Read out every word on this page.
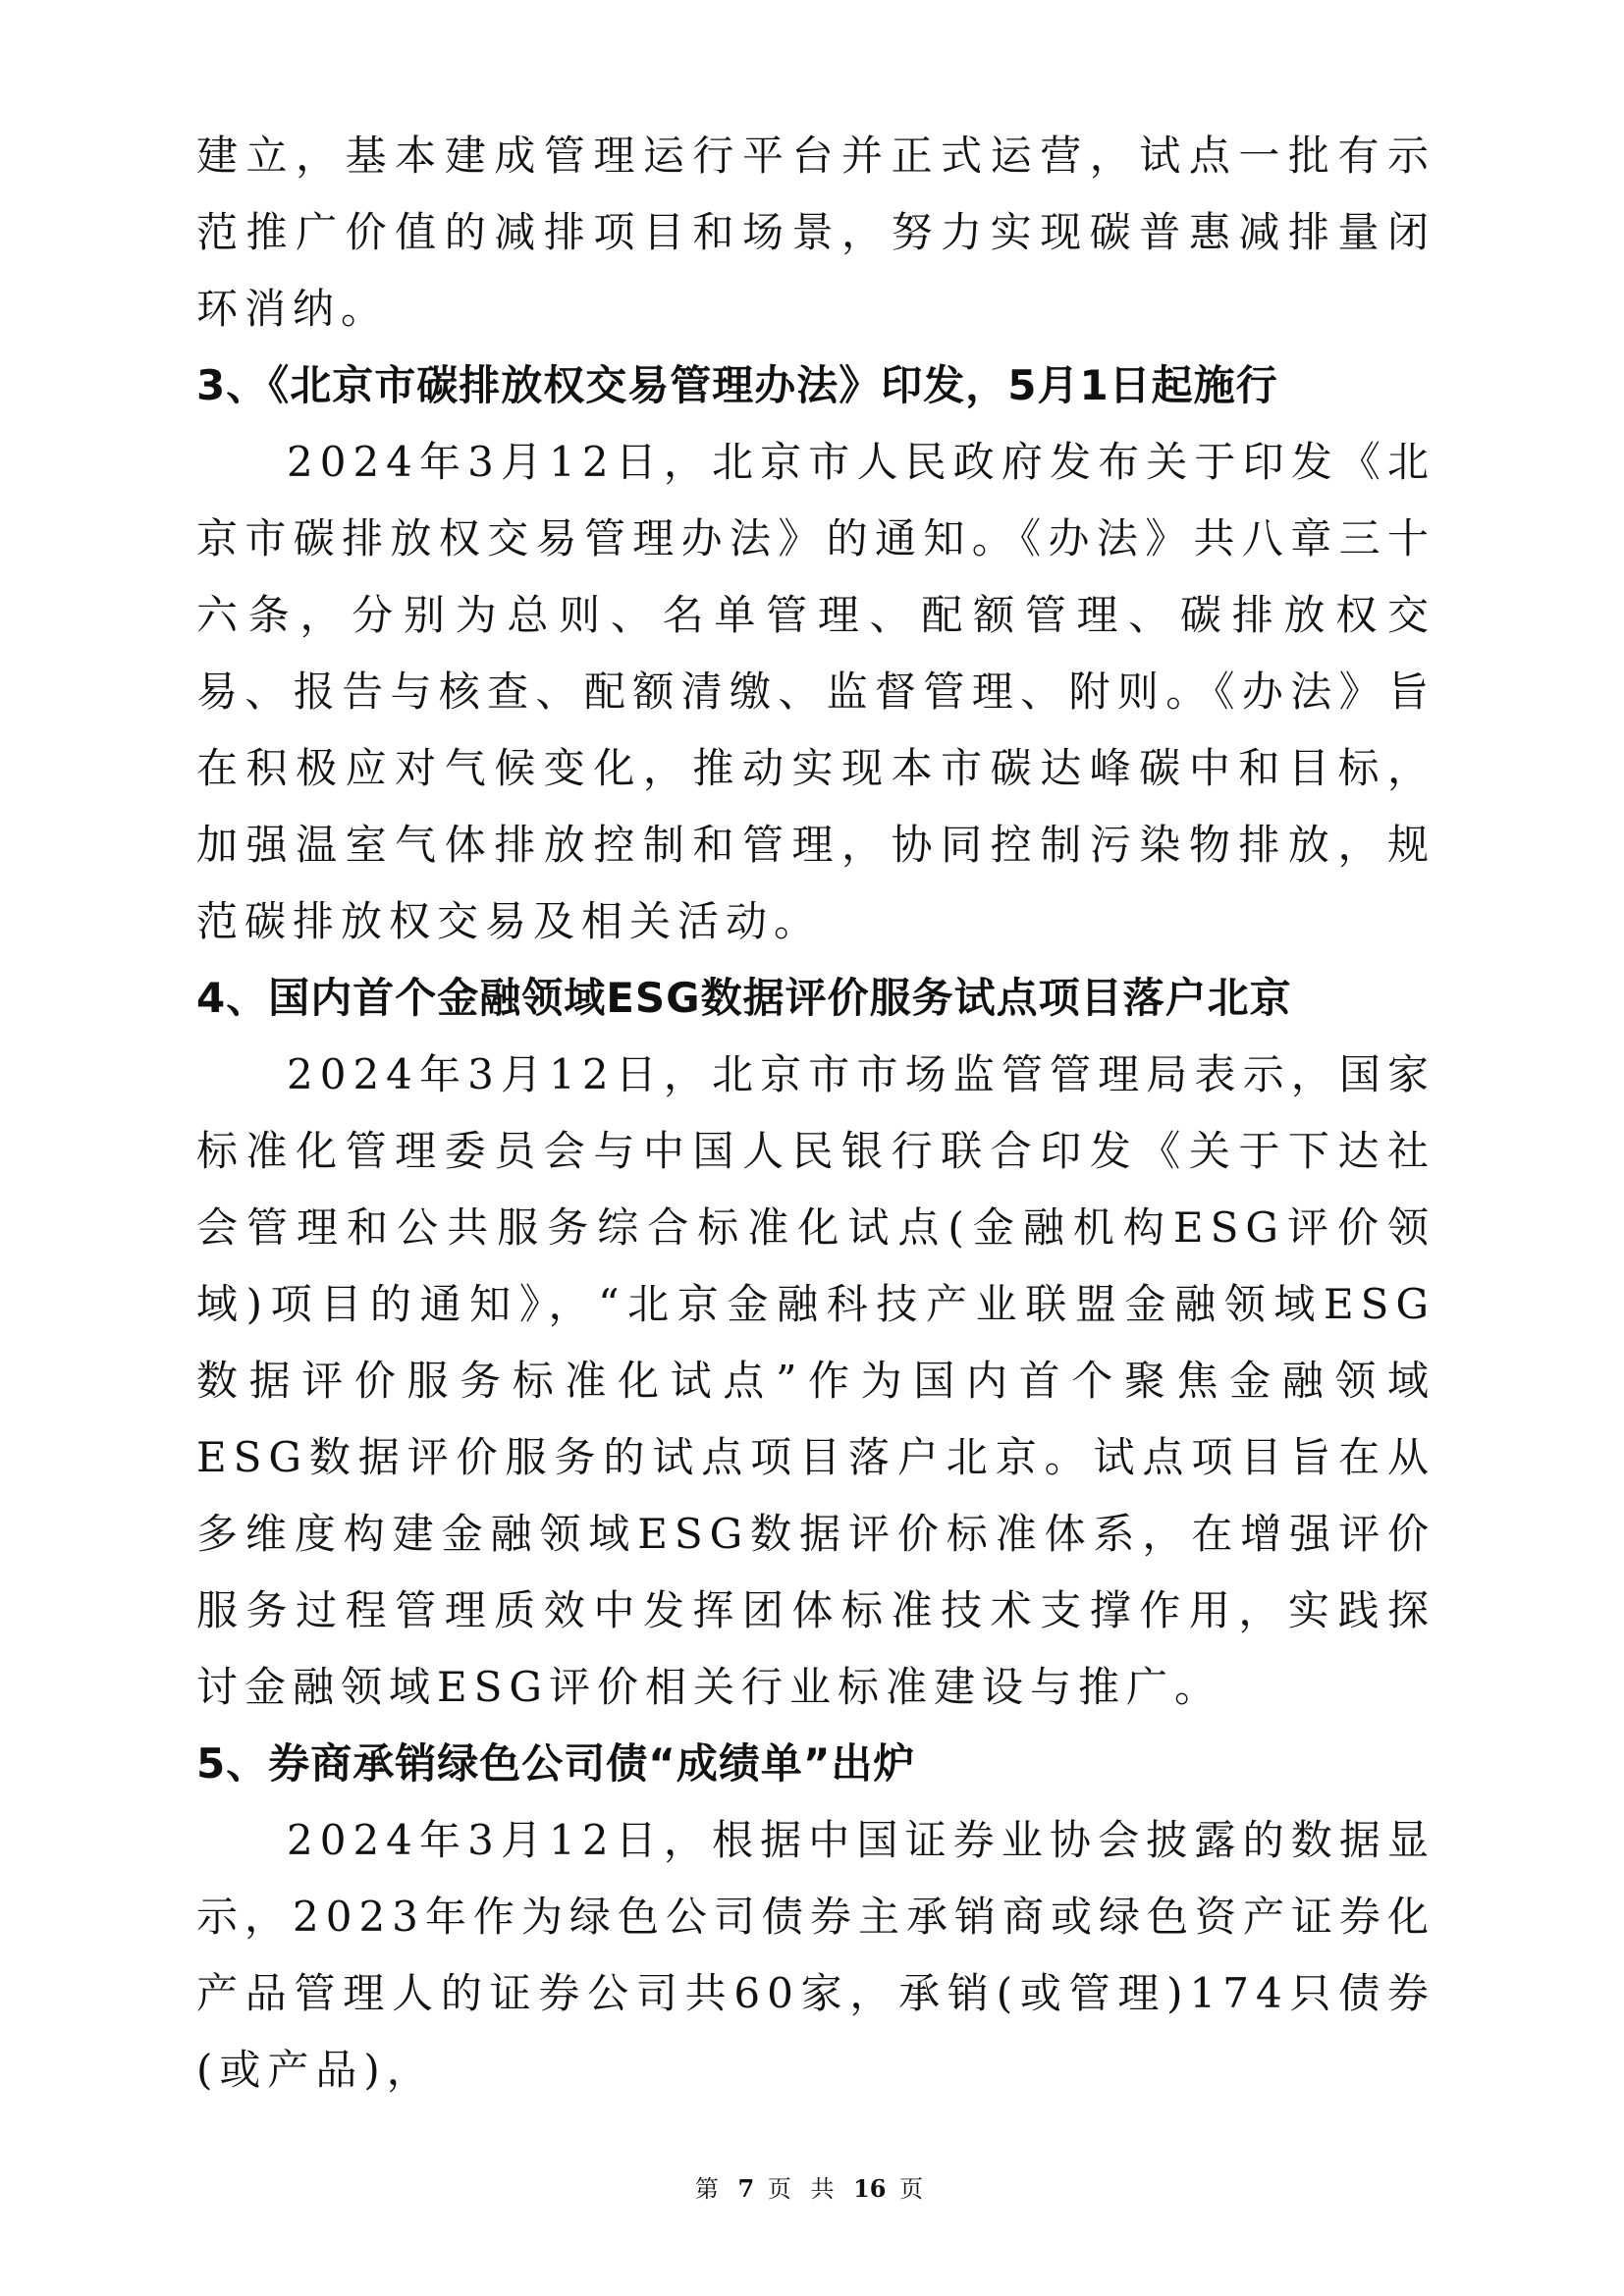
建立，基本建成管理运行平台并正式运营，试点一批有示范推广价值的减排项目和场景，努力实现碳普惠减排量闭环消纳。

3、《北京市碳排放权交易管理办法》印发，5月1日起施行

2024年3月12日，北京市人民政府发布关于印发《北京市碳排放权交易管理办法》的通知。《办法》共八章三十六条，分别为总则、名单管理、配额管理、碳排放权交易、报告与核查、配额清缴、监督管理、附则。《办法》旨在积极应对气候变化，推动实现本市碳达峰碳中和目标，加强温室气体排放控制和管理，协同控制污染物排放，规范碳排放权交易及相关活动。

4、国内首个金融领域ESG数据评价服务试点项目落户北京

2024年3月12日，北京市市场监管管理局表示，国家标准化管理委员会与中国人民银行联合印发《关于下达社会管理和公共服务综合标准化试点(金融机构ESG评价领域)项目的通知》，“北京金融科技产业联盟金融领域ESG数据评价服务标准化试点”作为国内首个聚焦金融领域ESG数据评价服务的试点项目落户北京。试点项目旨在从多维度构建金融领域ESG数据评价标准体系，在增强评价服务过程管理质效中发挥团体标准技术支撑作用，实践探讨金融领域ESG评价相关行业标准建设与推广。

5、券商承销绿色公司债“成绩单”出炉

2024年3月12日，根据中国证券业协会披露的数据显示，2023年作为绿色公司债券主承销商或绿色资产证券化产品管理人的证券公司共60家，承销(或管理)174只债券(或产品)，

第 7 页 共 16 页
